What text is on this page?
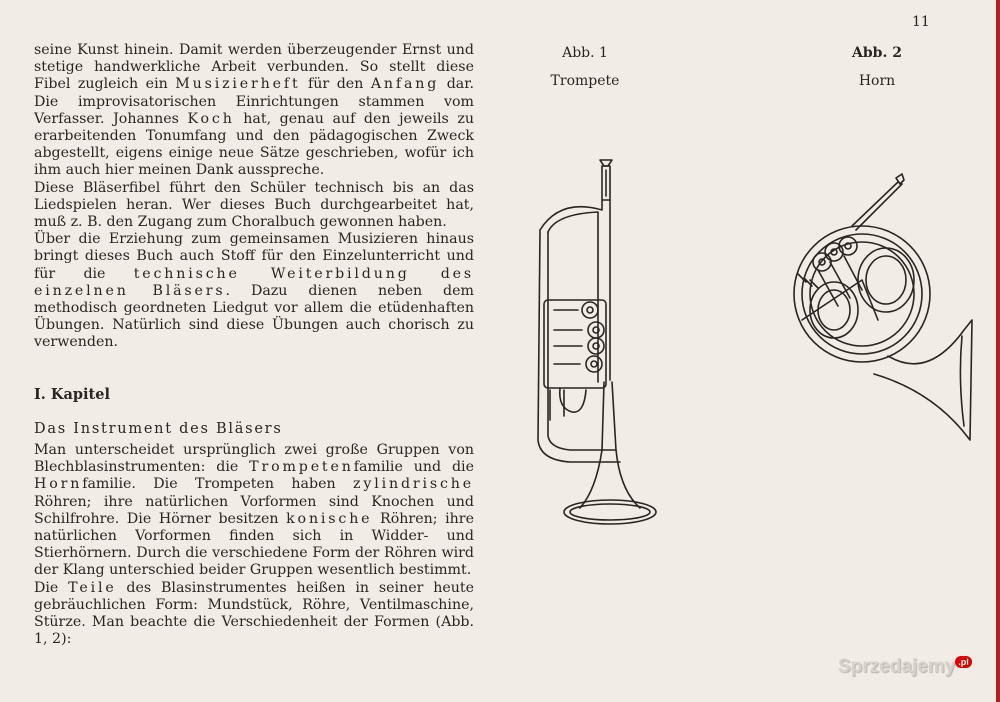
11

seine Kunst hinein. Damit werden überzeugender Ernst und stetige handwerkliche Arbeit verbunden. So stellt diese Fibel zugleich ein Musizierheft für den Anfang dar. Die improvisatorischen Einrichtungen stammen vom Verfasser. Johannes Koch hat, genau auf den jeweils zu erarbeitenden Tonumfang und den pädagogischen Zweck abgestellt, eigens einige neue Sätze geschrieben, wofür ich ihm auch hier meinen Dank ausspreche.

Diese Bläserfibel führt den Schüler technisch bis an das Liedspielen heran. Wer dieses Buch durchgearbeitet hat, muß z. B. den Zugang zum Choralbuch gewonnen haben.

Über die Erziehung zum gemeinsamen Musizieren hinaus bringt dieses Buch auch Stoff für den Einzelunterricht und für die technische Weiterbildung des einzelnen Bläsers. Dazu dienen neben dem methodisch geordneten Liedgut vor allem die etüdenhaften Übungen. Natürlich sind diese Übungen auch chorisch zu verwenden.

I. Kapitel
Das Instrument des Bläsers

Man unterscheidet ursprünglich zwei große Gruppen von Blechblasinstrumenten: die Trompetenfamilie und die Hornfamilie. Die Trompeten haben zylindrische Röhren; ihre natürlichen Vorformen sind Knochen und Schilfrohre. Die Hörner besitzen konische Röhren; ihre natürlichen Vorformen finden sich in Widder- und Stierhörnern. Durch die verschiedene Form der Röhren wird der Klang unterschied beider Gruppen wesentlich bestimmt.

Die Teile des Blasinstrumentes heißen in seiner heute gebräuchlichen Form: Mundstück, Röhre, Ventilmaschine, Stürze. Man beachte die Verschiedenheit der Formen (Abb. 1, 2):

Abb. 1
Trompete
Abb. 2
Horn
Sprzedajemy $^{.pl}$
